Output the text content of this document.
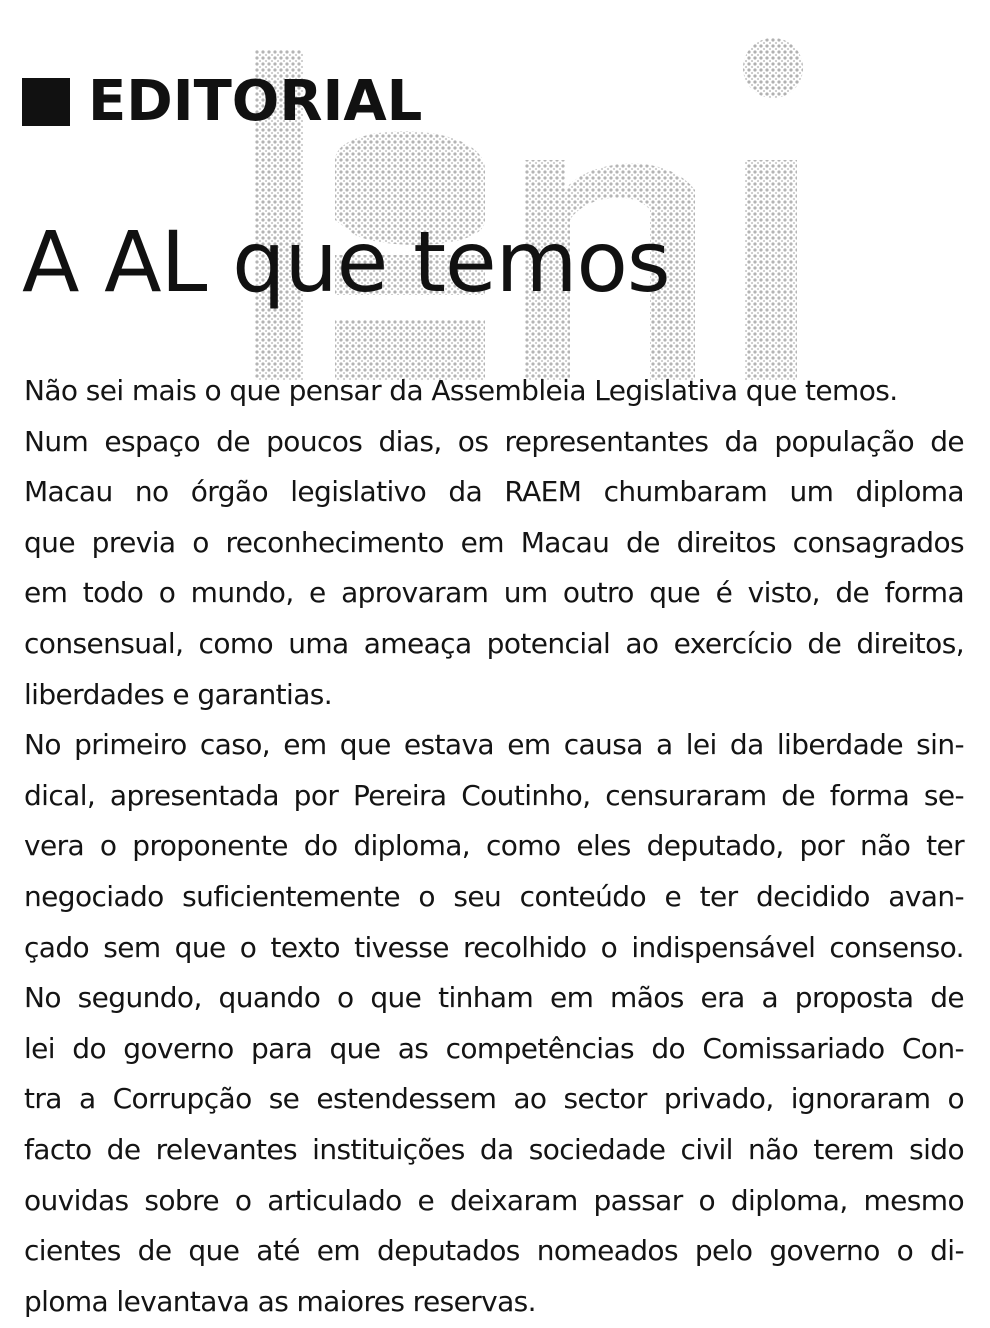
EDITORIAL
A AL que temos
Não sei mais o que pensar da Assembleia Legislativa que temos.
Num espaço de poucos dias, os representantes da população de
Macau no órgão legislativo da RAEM chumbaram um diploma
que previa o reconhecimento em Macau de direitos consagrados
em todo o mundo, e aprovaram um outro que é visto, de forma
consensual, como uma ameaça potencial ao exercício de direitos,
liberdades e garantias.
No primeiro caso, em que estava em causa a lei da liberdade sin-
dical, apresentada por Pereira Coutinho, censuraram de forma se-
vera o proponente do diploma, como eles deputado, por não ter
negociado suficientemente o seu conteúdo e ter decidido avan-
çado sem que o texto tivesse recolhido o indispensável consenso.
No segundo, quando o que tinham em mãos era a proposta de
lei do governo para que as competências do Comissariado Con-
tra a Corrupção se estendessem ao sector privado, ignoraram o
facto de relevantes instituições da sociedade civil não terem sido
ouvidas sobre o articulado e deixaram passar o diploma, mesmo
cientes de que até em deputados nomeados pelo governo o di-
ploma levantava as maiores reservas.
